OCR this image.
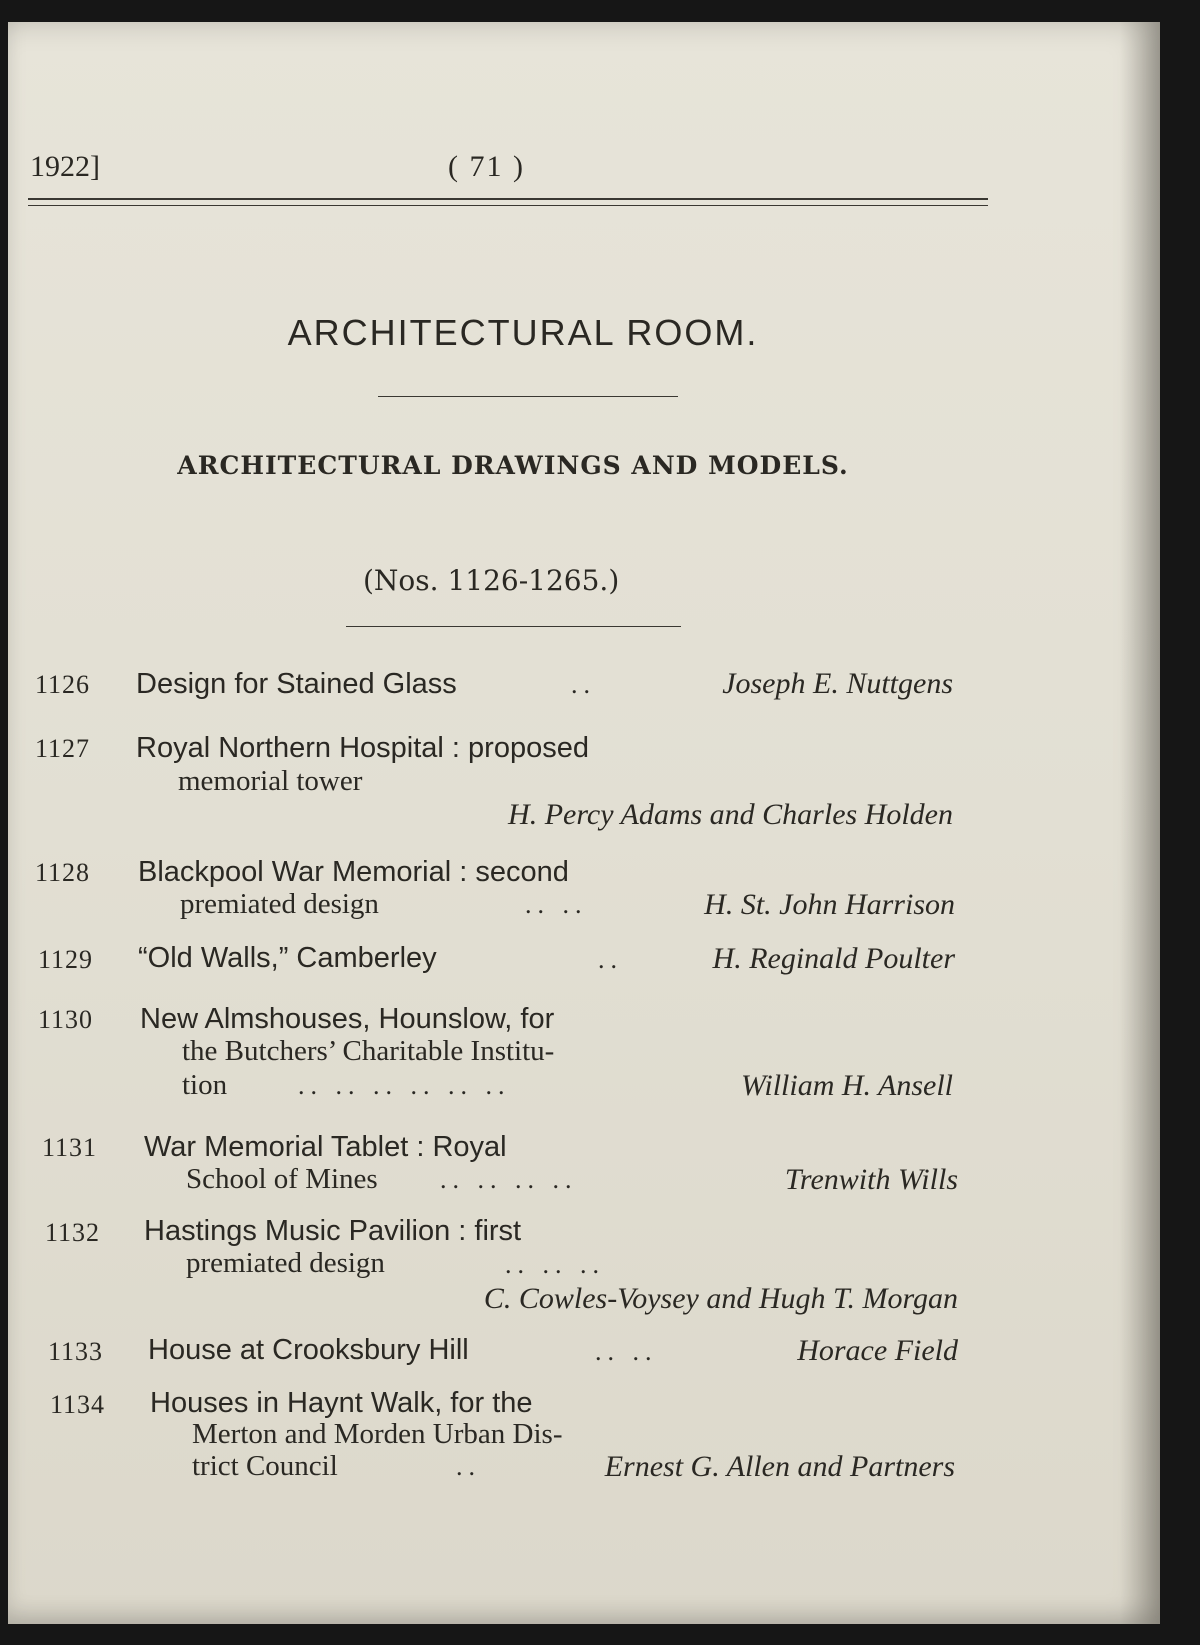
1922]	( 71 )
ARCHITECTURAL ROOM.
ARCHITECTURAL DRAWINGS AND MODELS.
(Nos. 1126-1265.)
1126 Design for Stained Glass	..	Joseph E. Nuttgens
1127 Royal Northern Hospital : proposed
memorial tower
H. Percy Adams and Charles Holden
1128 Blackpool War Memorial : second
premiated design	.. ..	H. St. John Harrison
1129 “Old Walls,” Camberley	..	H. Reginald Poulter
1130 New Almshouses, Hounslow, for
the Butchers’ Charitable Institu-
tion	.. .. .. .. .. ..	William H. Ansell
1131 War Memorial Tablet : Royal
School of Mines .. .. .. ..	Trenwith Wills
1132 Hastings Music Pavilion : first
premiated design	.. .. ..
C. Cowles-Voysey and Hugh T. Morgan
1133 House at Crooksbury Hill	.. ..	Horace Field
1134 Houses in Haynt Walk, for the
Merton and Morden Urban Dis-
trict Council	..	Ernest G. Allen and Partners
